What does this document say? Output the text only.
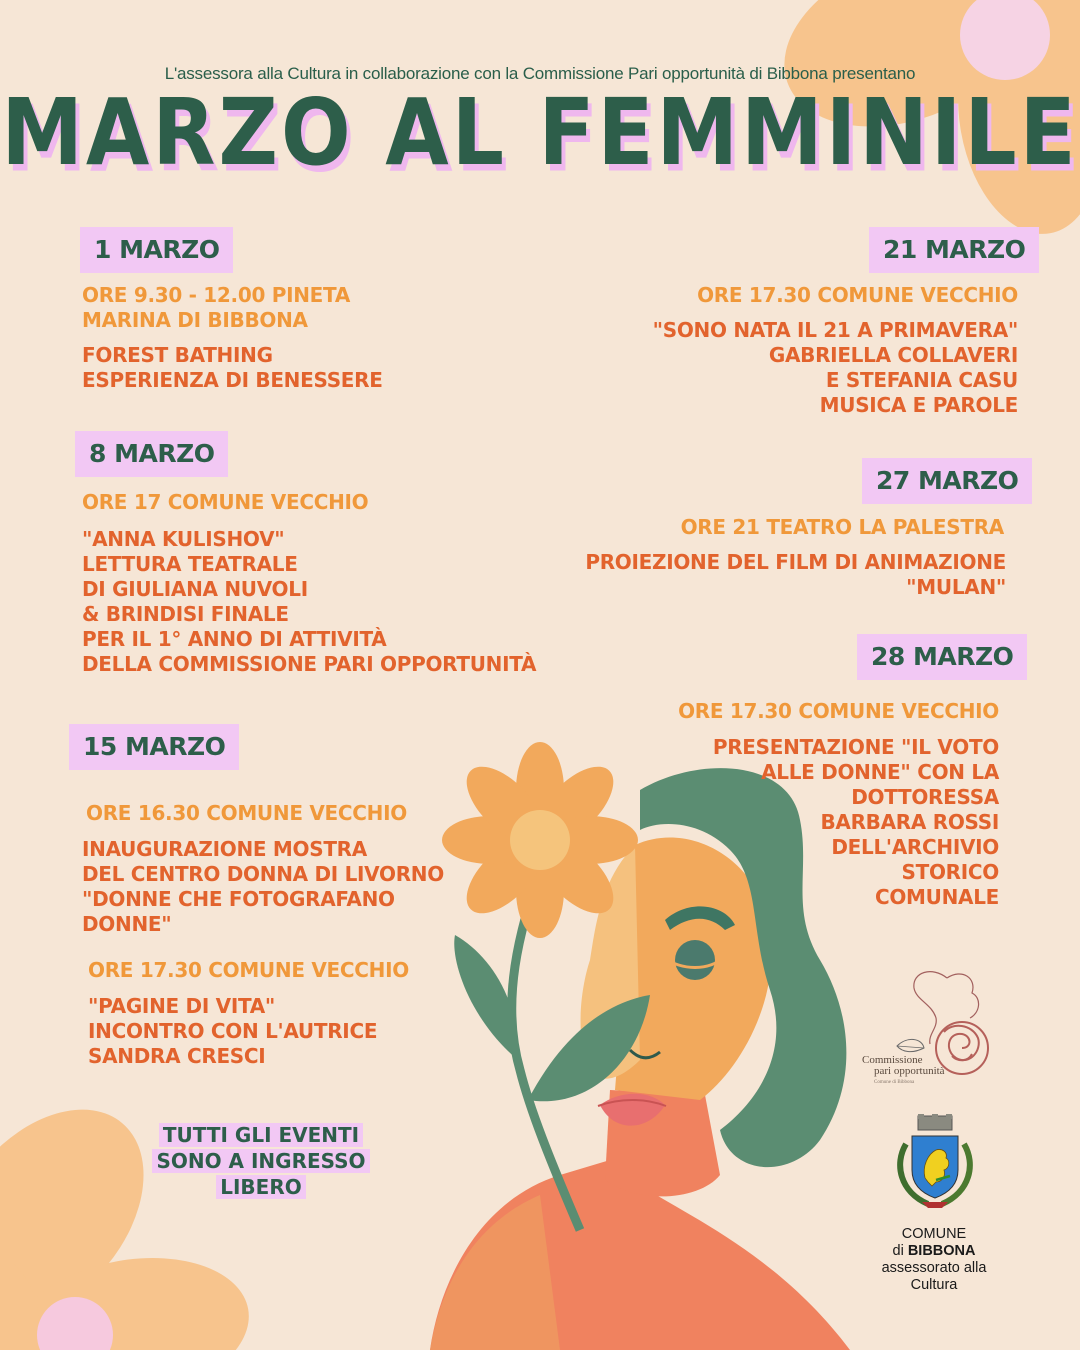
L'assessora alla Cultura in collaborazione con la Commissione Pari opportunità di Bibbona presentano
MARZO AL FEMMINILE
1 MARZO
ORE 9.30 - 12.00 PINETA
MARINA DI BIBBONA
FOREST BATHING
ESPERIENZA DI BENESSERE
8 MARZO
ORE 17 COMUNE VECCHIO
"ANNA KULISHOV"
LETTURA TEATRALE
DI GIULIANA NUVOLI
& BRINDISI FINALE
PER IL 1° ANNO DI ATTIVITÀ
DELLA COMMISSIONE PARI OPPORTUNITÀ
15 MARZO
ORE 16.30 COMUNE VECCHIO
INAUGURAZIONE MOSTRA
DEL CENTRO DONNA DI LIVORNO
"DONNE CHE FOTOGRAFANO
DONNE"
ORE 17.30 COMUNE VECCHIO
"PAGINE DI VITA"
INCONTRO CON L'AUTRICE
SANDRA CRESCI
21 MARZO
ORE 17.30 COMUNE VECCHIO
"SONO NATA IL 21 A PRIMAVERA"
GABRIELLA COLLAVERI
E STEFANIA CASU
MUSICA E PAROLE
27 MARZO
ORE 21 TEATRO LA PALESTRA
PROIEZIONE DEL FILM DI ANIMAZIONE
"MULAN"
28 MARZO
ORE 17.30 COMUNE VECCHIO
PRESENTAZIONE "IL VOTO
ALLE DONNE" CON LA
DOTTORESSA
BARBARA ROSSI
DELL'ARCHIVIO
STORICO
COMUNALE
TUTTI GLI EVENTI
SONO A INGRESSO
LIBERO
Commissione
pari opportunità
Comune di Bibbona
COMUNE
di BIBBONA
assessorato alla
Cultura
